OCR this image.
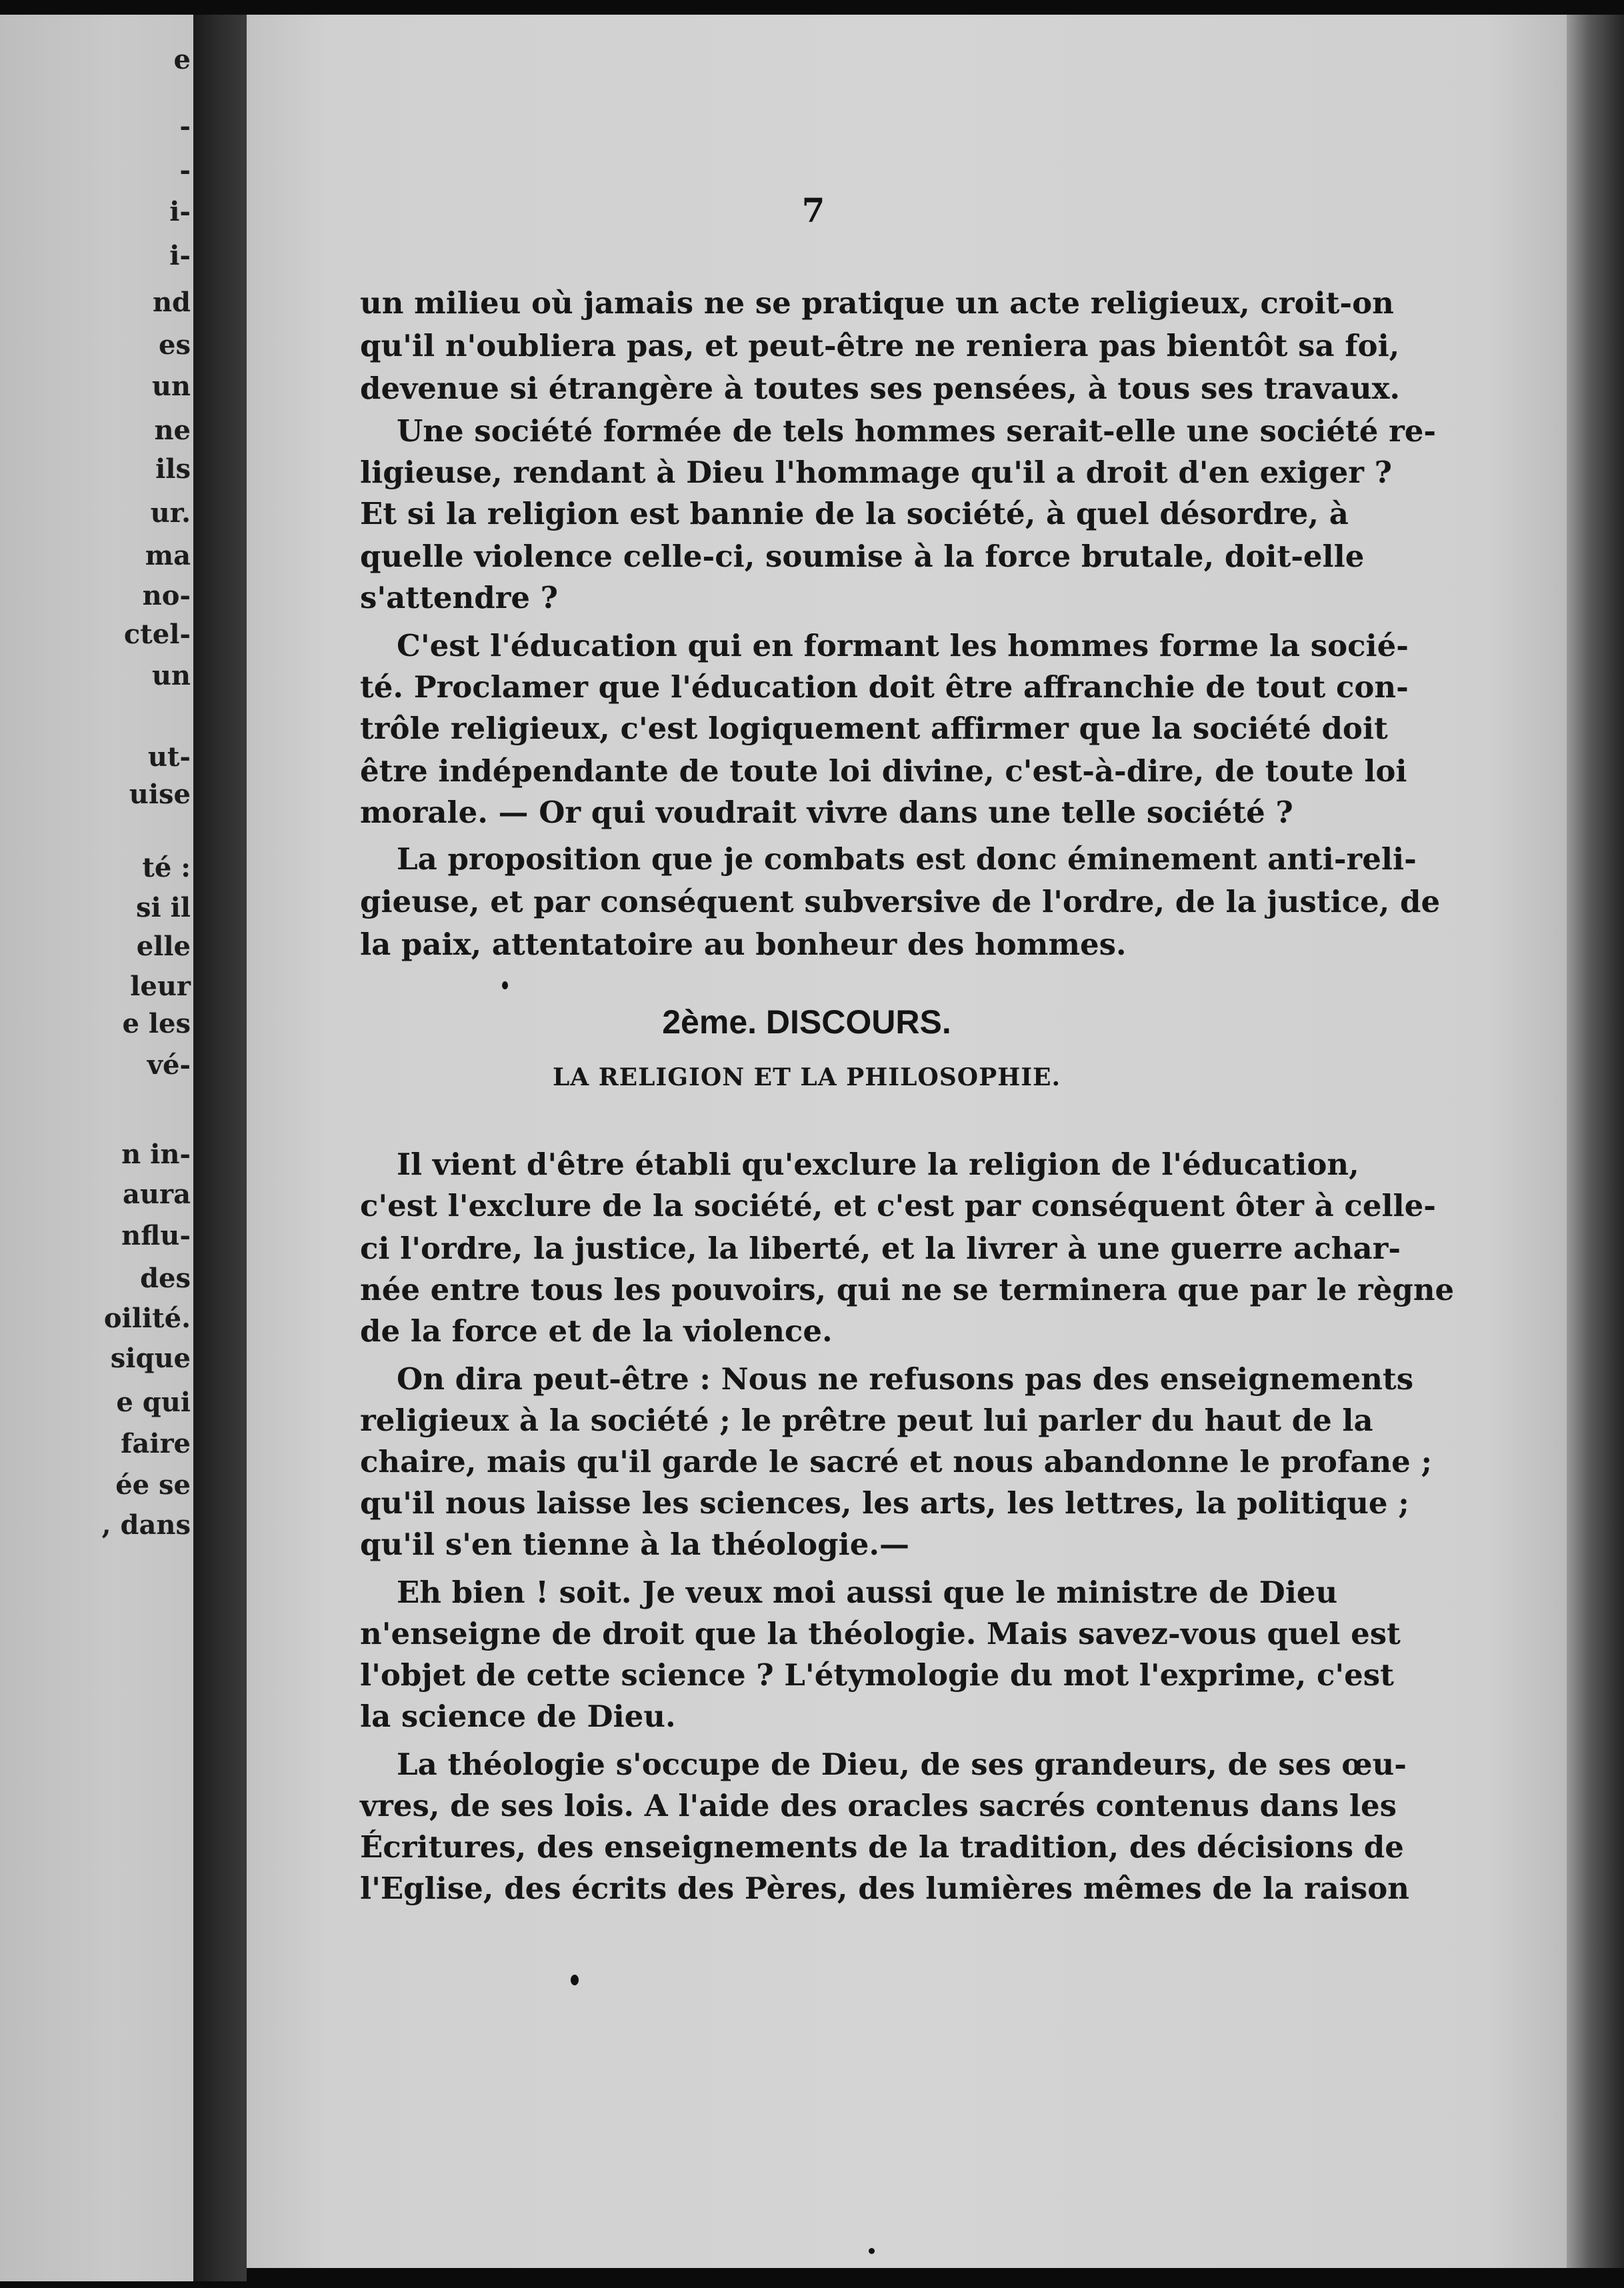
e

-

-

i-

i-

nd

es

un

ne

ils

ur.

ma

no-

ctel-

un

ut-

uise

té :

si il

elle

leur

e les

vé-

n in-

aura

nflu-

des

oilité.

sique

e qui

faire

ée se

, dans

7

un milieu où jamais ne se pratique un acte religieux, croit-on

qu'il n'oubliera pas, et peut-être ne reniera pas bientôt sa foi,

devenue si étrangère à toutes ses pensées, à tous ses travaux.

Une société formée de tels hommes serait-elle une société re-

ligieuse, rendant à Dieu l'hommage qu'il a droit d'en exiger ?

Et si la religion est bannie de la société, à quel désordre, à

quelle violence celle-ci, soumise à la force brutale, doit-elle

s'attendre ?

C'est l'éducation qui en formant les hommes forme la socié-

té. Proclamer que l'éducation doit être affranchie de tout con-

trôle religieux, c'est logiquement affirmer que la société doit

être indépendante de toute loi divine, c'est-à-dire, de toute loi

morale. — Or qui voudrait vivre dans une telle société ?

La proposition que je combats est donc éminement anti-reli-

gieuse, et par conséquent subversive de l'ordre, de la justice, de

la paix, attentatoire au bonheur des hommes.

2ème. DISCOURS.
LA RELIGION ET LA PHILOSOPHIE.

Il vient d'être établi qu'exclure la religion de l'éducation,

c'est l'exclure de la société, et c'est par conséquent ôter à celle-

ci l'ordre, la justice, la liberté, et la livrer à une guerre achar-

née entre tous les pouvoirs, qui ne se terminera que par le règne

de la force et de la violence.

On dira peut-être : Nous ne refusons pas des enseignements

religieux à la société ; le prêtre peut lui parler du haut de la

chaire, mais qu'il garde le sacré et nous abandonne le profane ;

qu'il nous laisse les sciences, les arts, les lettres, la politique ;

qu'il s'en tienne à la théologie.—

Eh bien ! soit. Je veux moi aussi que le ministre de Dieu

n'enseigne de droit que la théologie. Mais savez-vous quel est

l'objet de cette science ? L'étymologie du mot l'exprime, c'est

la science de Dieu.

La théologie s'occupe de Dieu, de ses grandeurs, de ses œu-

vres, de ses lois. A l'aide des oracles sacrés contenus dans les

Écritures, des enseignements de la tradition, des décisions de

l'Eglise, des écrits des Pères, des lumières mêmes de la raison
